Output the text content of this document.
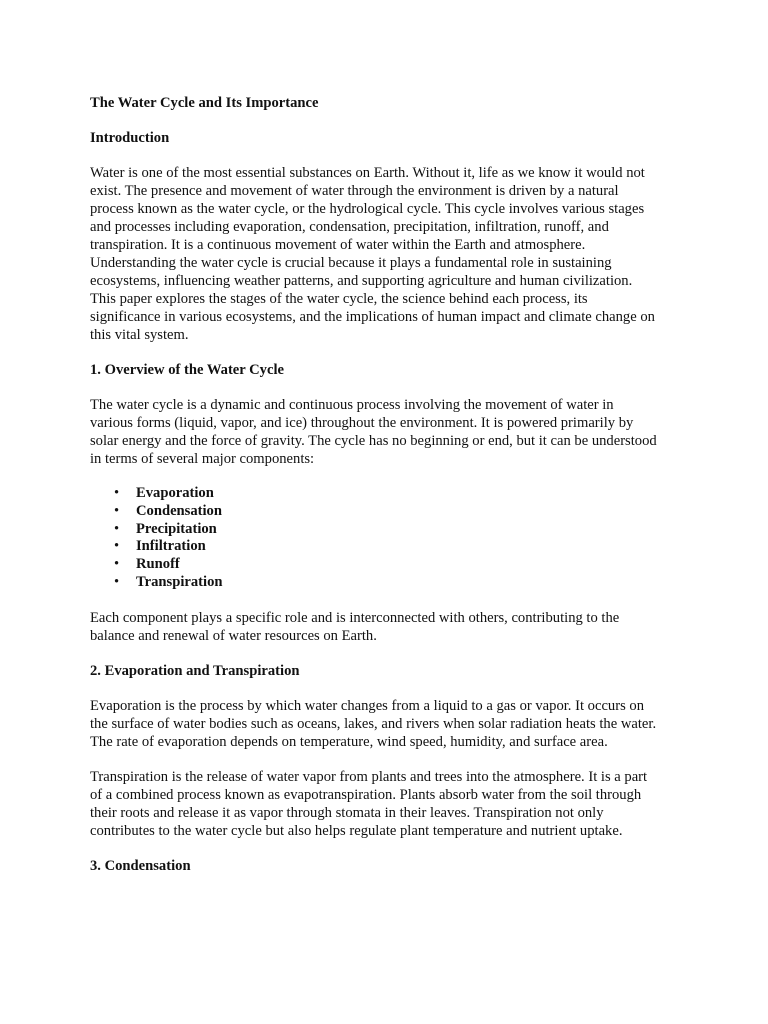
The Water Cycle and Its Importance
Introduction
Water is one of the most essential substances on Earth. Without it, life as we know it would not
exist. The presence and movement of water through the environment is driven by a natural
process known as the water cycle, or the hydrological cycle. This cycle involves various stages
and processes including evaporation, condensation, precipitation, infiltration, runoff, and
transpiration. It is a continuous movement of water within the Earth and atmosphere.
Understanding the water cycle is crucial because it plays a fundamental role in sustaining
ecosystems, influencing weather patterns, and supporting agriculture and human civilization.
This paper explores the stages of the water cycle, the science behind each process, its
significance in various ecosystems, and the implications of human impact and climate change on
this vital system.
1. Overview of the Water Cycle
The water cycle is a dynamic and continuous process involving the movement of water in
various forms (liquid, vapor, and ice) throughout the environment. It is powered primarily by
solar energy and the force of gravity. The cycle has no beginning or end, but it can be understood
in terms of several major components:
• Evaporation
• Condensation
• Precipitation
• Infiltration
• Runoff
• Transpiration
Each component plays a specific role and is interconnected with others, contributing to the
balance and renewal of water resources on Earth.
2. Evaporation and Transpiration
Evaporation is the process by which water changes from a liquid to a gas or vapor. It occurs on
the surface of water bodies such as oceans, lakes, and rivers when solar radiation heats the water.
The rate of evaporation depends on temperature, wind speed, humidity, and surface area.
Transpiration is the release of water vapor from plants and trees into the atmosphere. It is a part
of a combined process known as evapotranspiration. Plants absorb water from the soil through
their roots and release it as vapor through stomata in their leaves. Transpiration not only
contributes to the water cycle but also helps regulate plant temperature and nutrient uptake.
3. Condensation
